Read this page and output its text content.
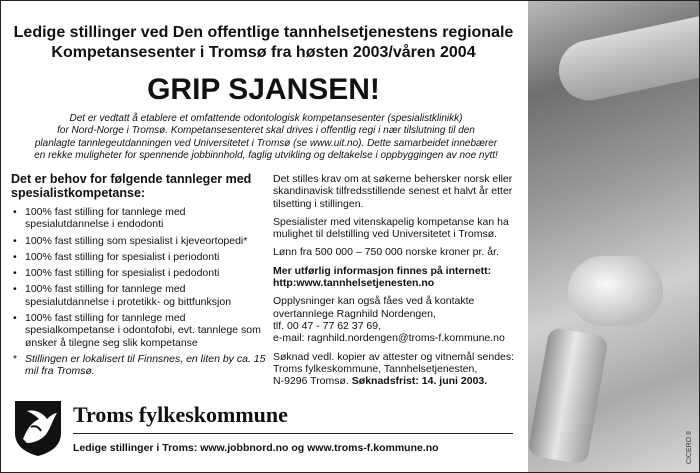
CICERO II
Ledige stillinger ved Den offentlige tannhelsetjenestens regionale
Kompetansesenter i Tromsø fra høsten 2003/våren 2004
GRIP SJANSEN!
Det er vedtatt å etablere et omfattende odontologisk kompetansesenter (spesialistklinikk)
for Nord-Norge i Tromsø. Kompetansesenteret skal drives i offentlig regi i nær tilslutning til den
planlagte tannlegeutdanningen ved Universitetet i Tromsø (se www.uit.no). Dette samarbeidet innebærer
en rekke muligheter for spennende jobbinnhold, faglig utvikling og deltakelse i oppbyggingen av noe nytt!
Det er behov for følgende tannleger med spesialistkompetanse:
• 100% fast stilling for tannlege med spesialutdannelse i endodonti
• 100% fast stilling som spesialist i kjeveortopedi*
• 100% fast stilling for spesialist i periodonti
• 100% fast stilling for spesialist i pedodonti
• 100% fast stilling for tannlege med spesialutdannelse i protetikk- og bittfunksjon
• 100% fast stilling for tannlege med spesialkompetanse i odontofobi, evt. tannlege som ønsker å tilegne seg slik kompetanse
* Stillingen er lokalisert til Finnsnes, en liten by ca. 15 mil fra Tromsø.

Det stilles krav om at søkerne behersker norsk eller skandinavisk tilfredsstillende senest et halvt år etter tilsetting i stillingen.

Spesialister med vitenskapelig kompetanse kan ha mulighet til delstilling ved Universitetet i Tromsø.

Lønn fra 500 000 – 750 000 norske kroner pr. år.

Mer utførlig informasjon finnes på internett: http:www.tannhelsetjenesten.no

Opplysninger kan også fåes ved å kontakte
overtannlege Ragnhild Nordengen,
tlf. 00 47 - 77 62 37 69,
e-mail: ragnhild.nordengen@troms-f.kommune.no

Søknad vedl. kopier av attester og vitnemål sendes:
Troms fylkeskommune, Tannhelsetjenesten,
N-9296 Tromsø. Søknadsfrist: 14. juni 2003.

Troms fylkeskommune
Ledige stillinger i Troms: www.jobbnord.no og www.troms-f.kommune.no
